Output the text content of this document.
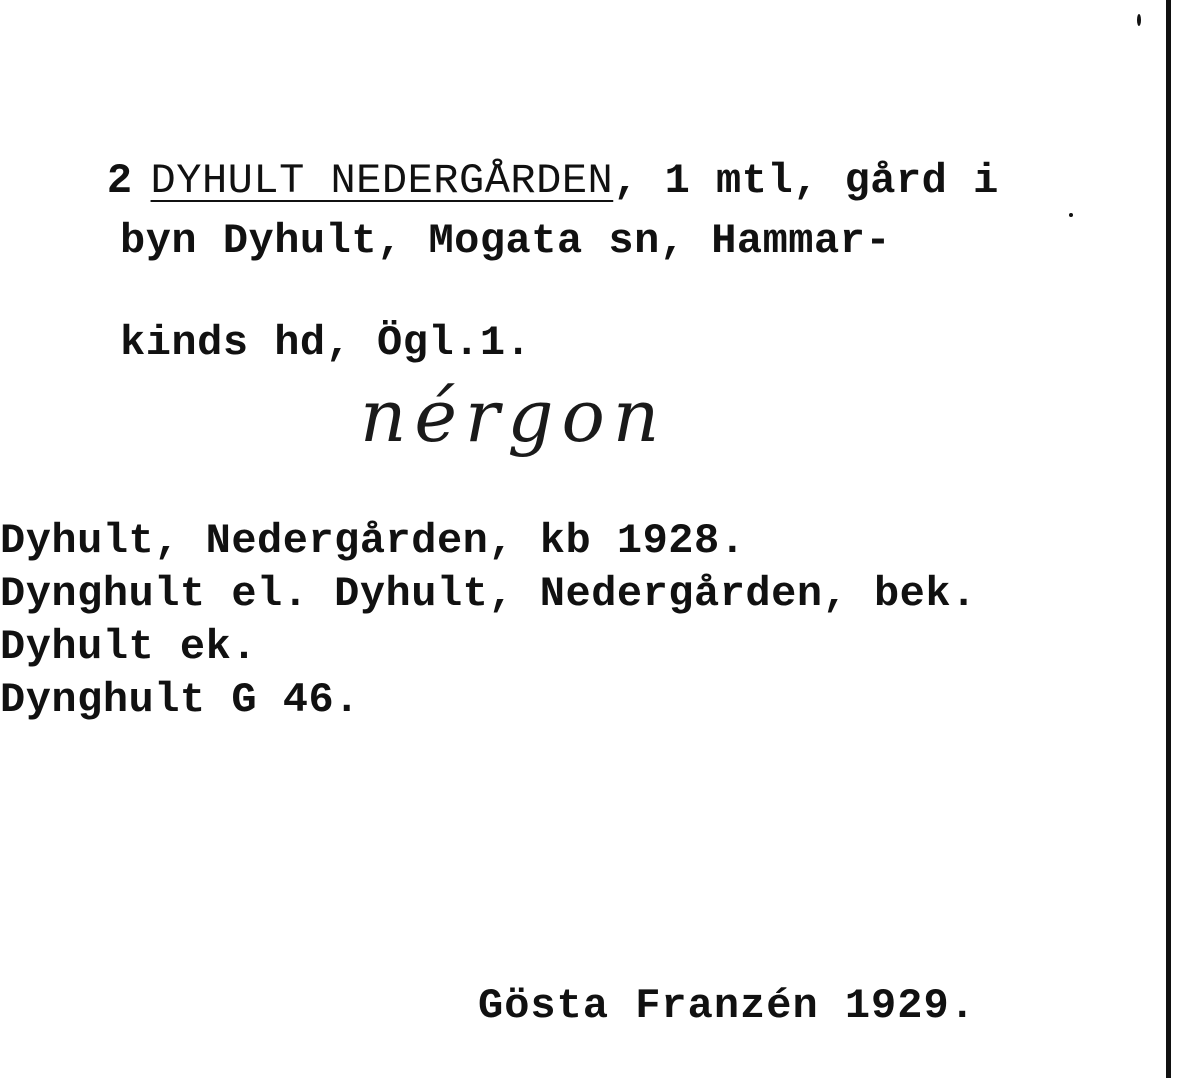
2 DYHULT NEDERGÅRDEN, 1 mtl, gård i

byn Dyhult, Mogata sn, Hammar-
kinds hd, Ögl.1.
nérgon
Dyhult, Nedergården, kb 1928.
Dynghult el. Dyhult, Nedergården, bek.
Dyhult ek.
Dynghult G 46.
Gösta Franzén 1929.
